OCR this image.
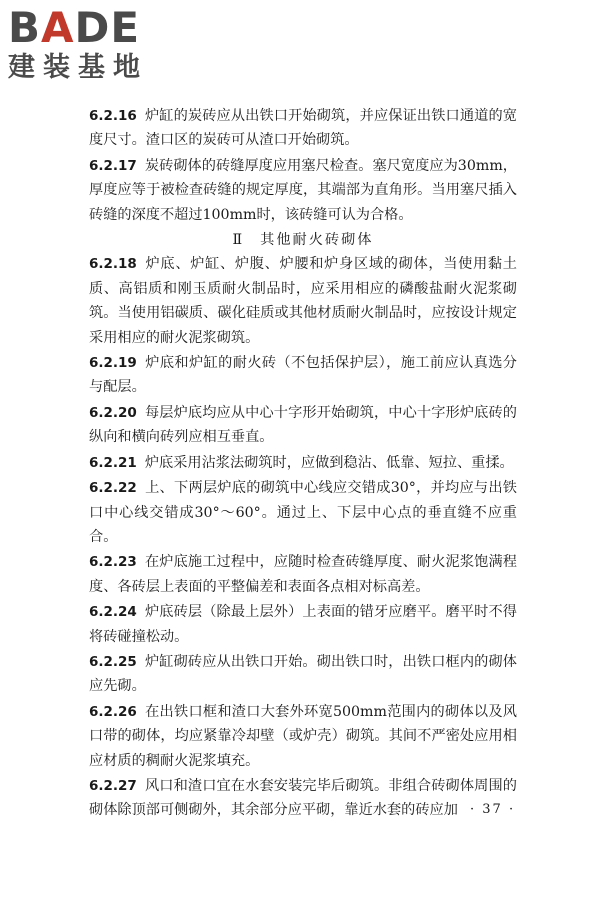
BADE
建装基地

6.2.16 炉缸的炭砖应从出铁口开始砌筑，并应保证出铁口通道的宽度尺寸。渣口区的炭砖可从渣口开始砌筑。

6.2.17 炭砖砌体的砖缝厚度应用塞尺检查。塞尺宽度应为30mm，厚度应等于被检查砖缝的规定厚度，其端部为直角形。当用塞尺插入砖缝的深度不超过100mm时，该砖缝可认为合格。

Ⅱ 其他耐火砖砌体

6.2.18 炉底、炉缸、炉腹、炉腰和炉身区域的砌体，当使用黏土质、高铝质和刚玉质耐火制品时，应采用相应的磷酸盐耐火泥浆砌筑。当使用铝碳质、碳化硅质或其他材质耐火制品时，应按设计规定采用相应的耐火泥浆砌筑。

6.2.19 炉底和炉缸的耐火砖（不包括保护层），施工前应认真选分与配层。

6.2.20 每层炉底均应从中心十字形开始砌筑，中心十字形炉底砖的纵向和横向砖列应相互垂直。

6.2.21 炉底采用沾浆法砌筑时，应做到稳沾、低靠、短拉、重揉。

6.2.22 上、下两层炉底的砌筑中心线应交错成30°，并均应与出铁口中心线交错成30°～60°。通过上、下层中心点的垂直缝不应重合。

6.2.23 在炉底施工过程中，应随时检查砖缝厚度、耐火泥浆饱满程度、各砖层上表面的平整偏差和表面各点相对标高差。

6.2.24 炉底砖层（除最上层外）上表面的错牙应磨平。磨平时不得将砖碰撞松动。

6.2.25 炉缸砌砖应从出铁口开始。砌出铁口时，出铁口框内的砌体应先砌。

6.2.26 在出铁口框和渣口大套外环宽500mm范围内的砌体以及风口带的砌体，均应紧靠冷却壁（或炉壳）砌筑。其间不严密处应用相应材质的稠耐火泥浆填充。

6.2.27 风口和渣口宜在水套安装完毕后砌筑。非组合砖砌体周围的砌体除顶部可侧砌外，其余部分应平砌，靠近水套的砖应加 · 37 ·
